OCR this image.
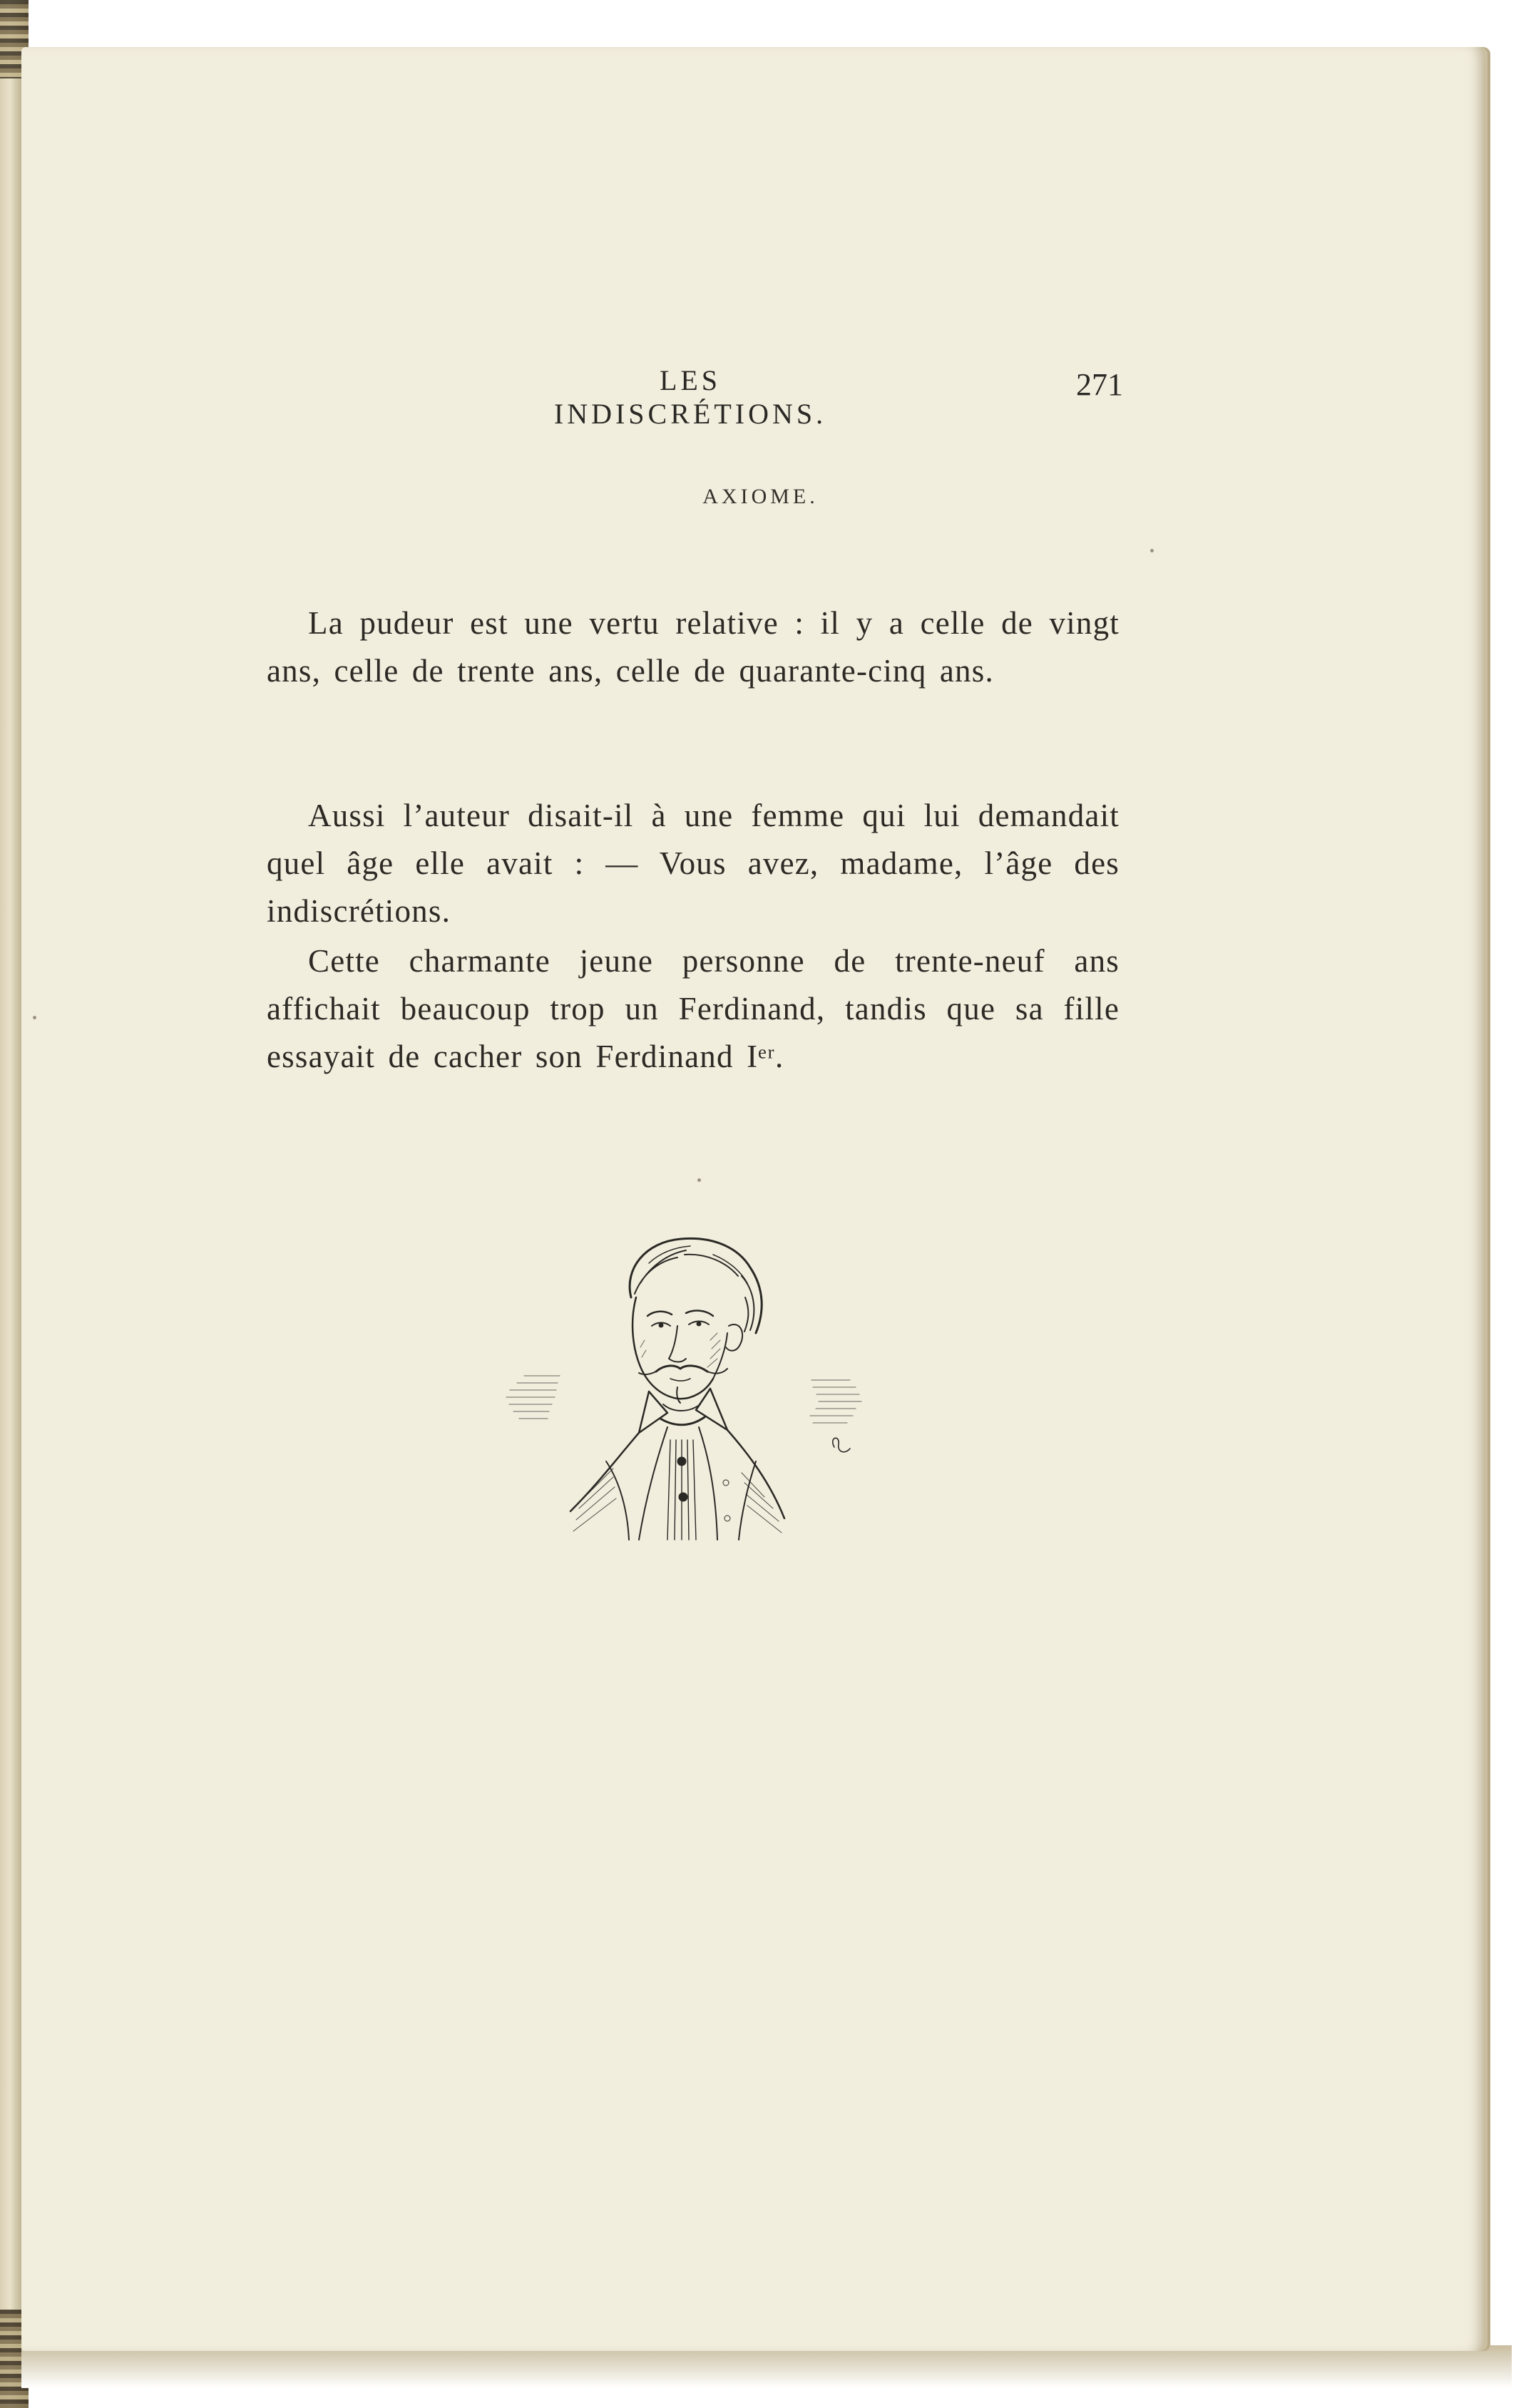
LES INDISCRÉTIONS.
271
AXIOME.

La pudeur est une vertu relative : il y a celle de vingt ans, celle de trente ans, celle de quarante-cinq ans.

Aussi l’auteur disait-il à une femme qui lui demandait quel âge elle avait : — Vous avez, madame, l’âge des indiscrétions.

Cette charmante jeune personne de trente-neuf ans affichait beaucoup trop un Ferdinand, tandis que sa fille essayait de cacher son Ferdinand Iᵉʳ.
